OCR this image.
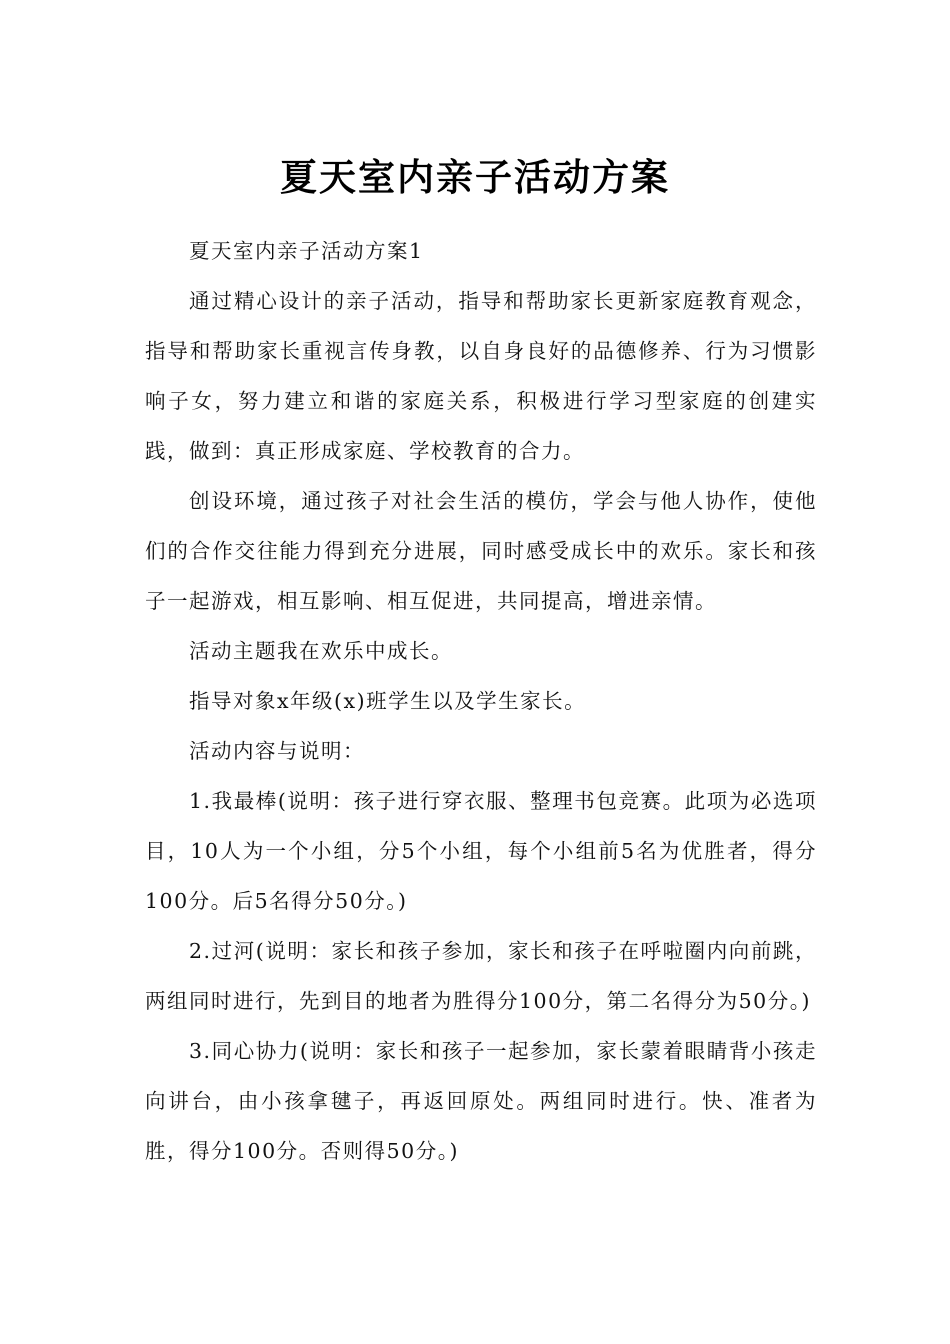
夏天室内亲子活动方案

夏天室内亲子活动方案1

通过精心设计的亲子活动，指导和帮助家长更新家庭教育观念，指导和帮助家长重视言传身教，以自身良好的品德修养、行为习惯影响子女，努力建立和谐的家庭关系，积极进行学习型家庭的创建实践，做到：真正形成家庭、学校教育的合力。

创设环境，通过孩子对社会生活的模仿，学会与他人协作，使他们的合作交往能力得到充分进展，同时感受成长中的欢乐。家长和孩子一起游戏，相互影响、相互促进，共同提高，增进亲情。

活动主题我在欢乐中成长。

指导对象x年级(x)班学生以及学生家长。

活动内容与说明：

1.我最棒(说明：孩子进行穿衣服、整理书包竞赛。此项为必选项目，10人为一个小组，分5个小组，每个小组前5名为优胜者，得分100分。后5名得分50分。)

2.过河(说明：家长和孩子参加，家长和孩子在呼啦圈内向前跳，两组同时进行，先到目的地者为胜得分100分，第二名得分为50分。)

3.同心协力(说明：家长和孩子一起参加，家长蒙着眼睛背小孩走向讲台，由小孩拿毽子，再返回原处。两组同时进行。快、准者为胜，得分100分。否则得50分。)
